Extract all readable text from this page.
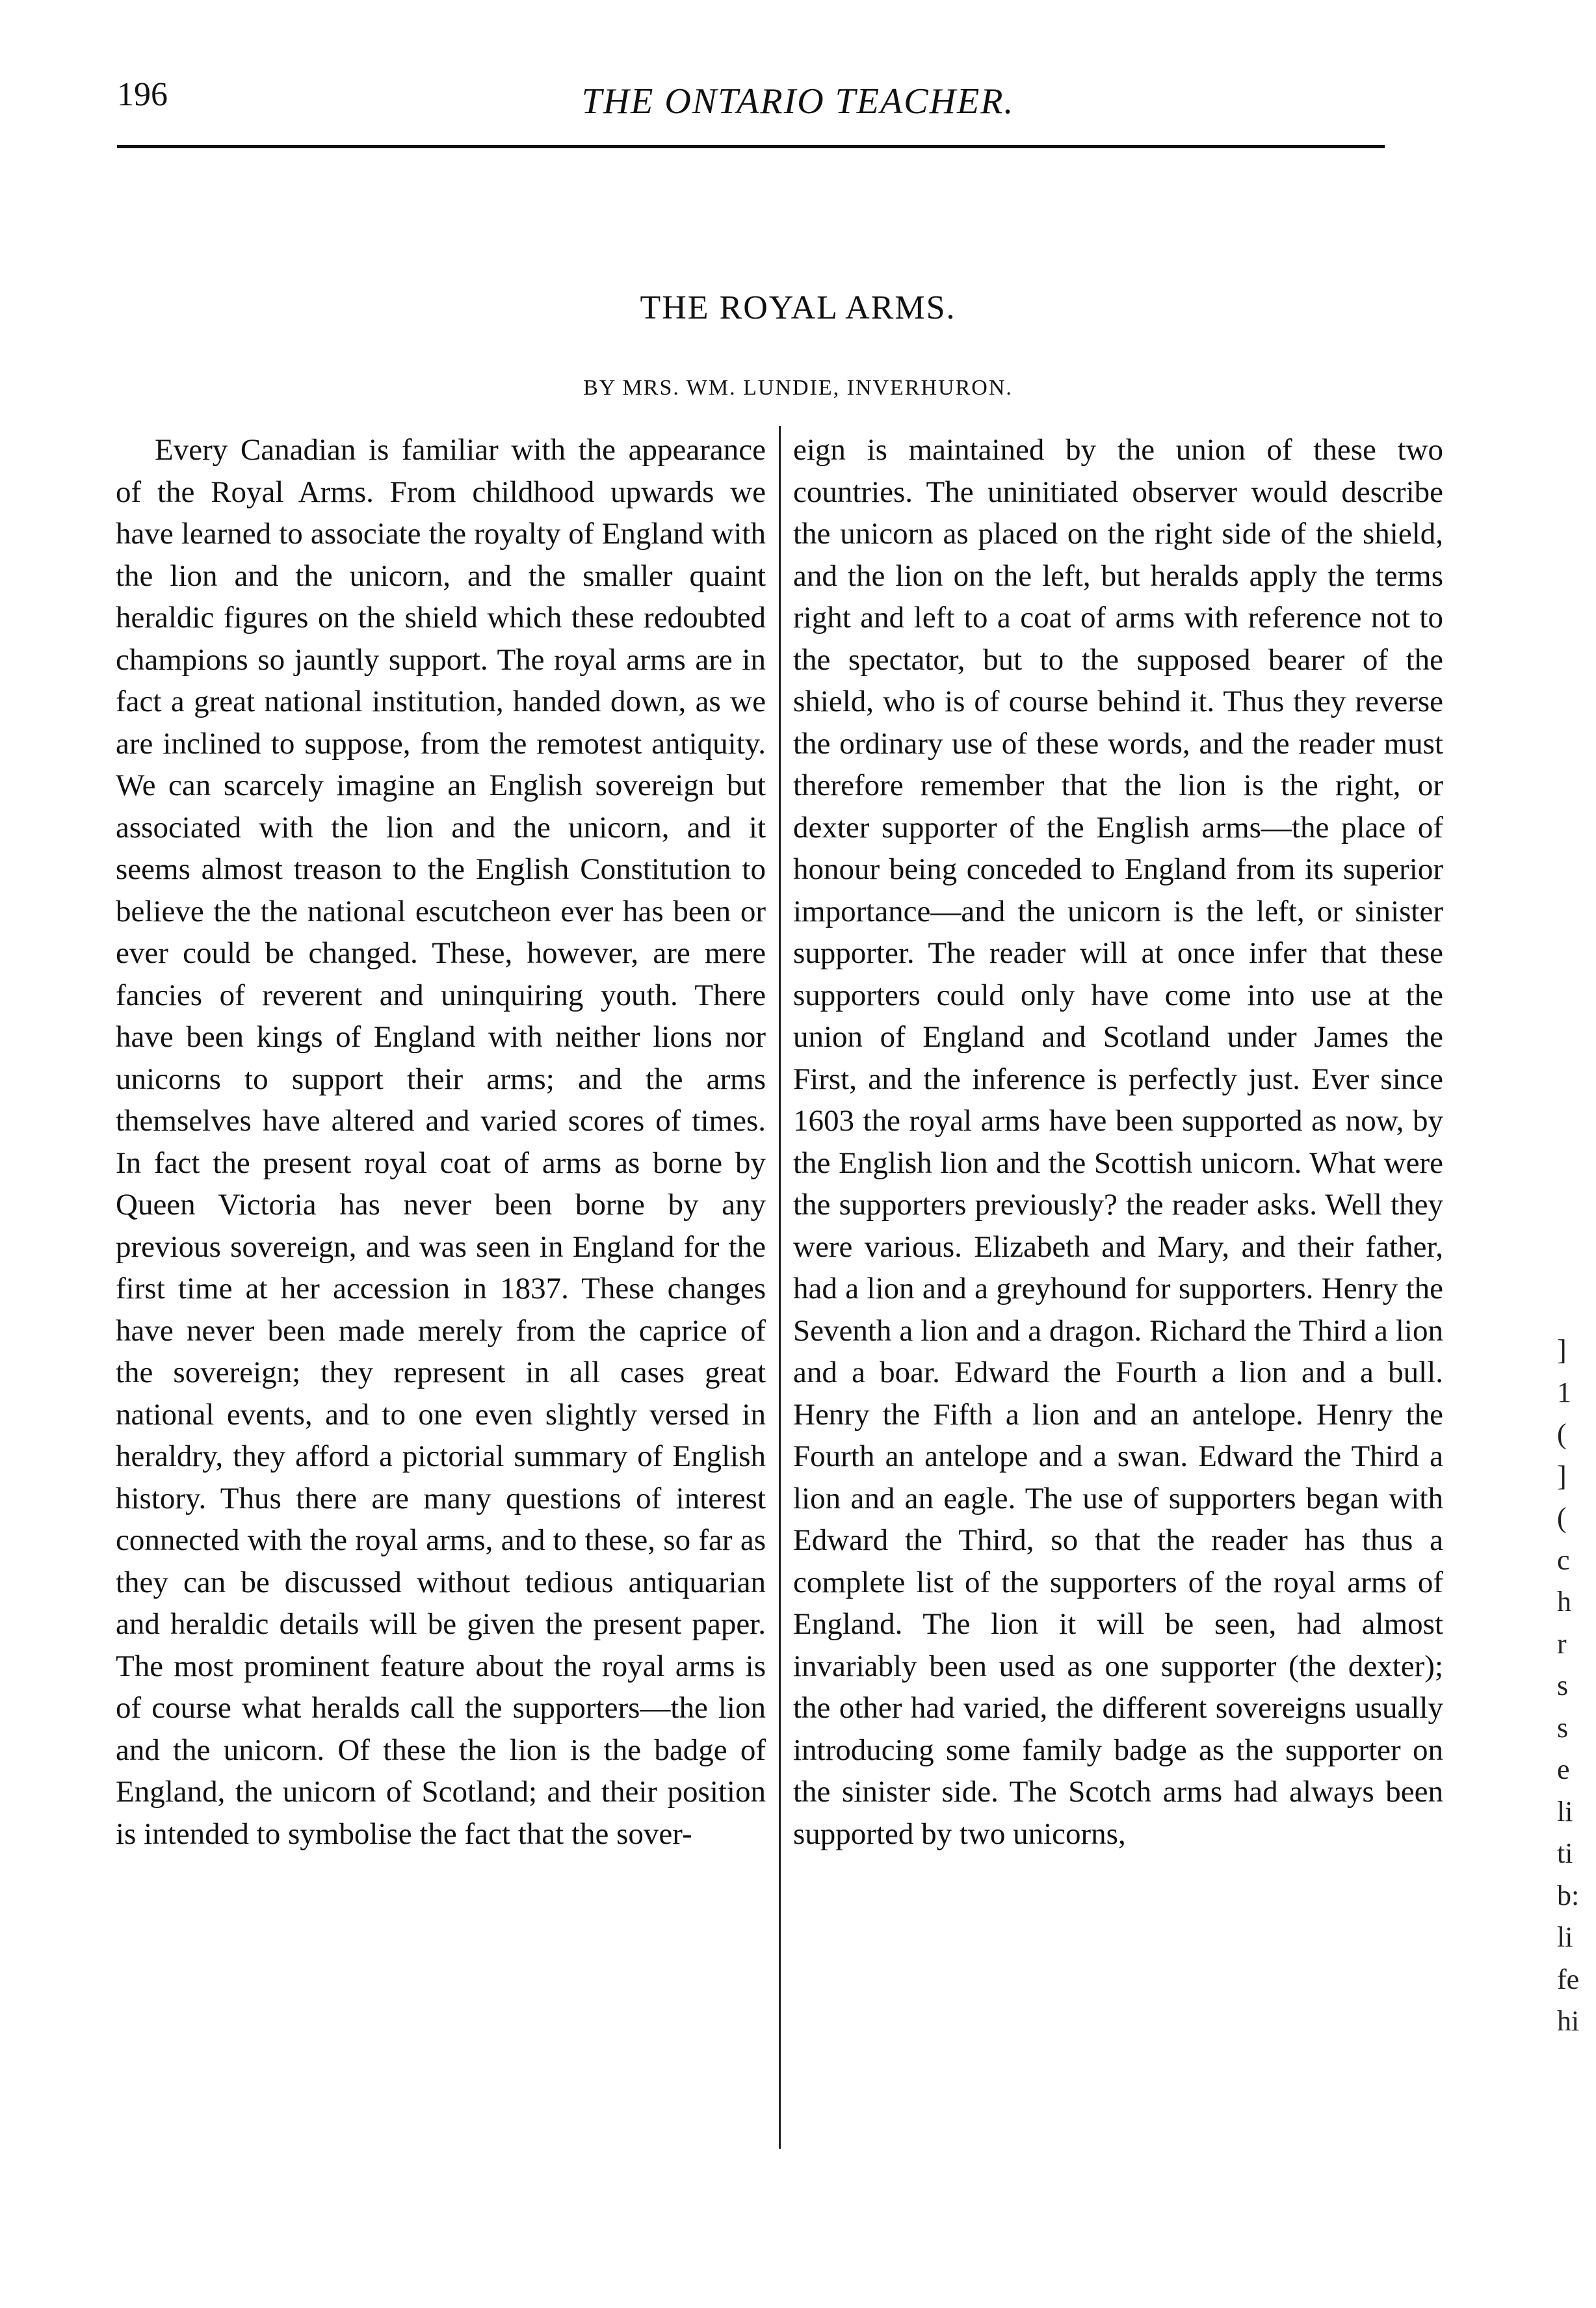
196	THE ONTARIO TEACHER.
THE ROYAL ARMS.
BY MRS. WM. LUNDIE, INVERHURON.

Every Canadian is familiar with the appearance of the Royal Arms. From childhood upwards we have learned to associate the royalty of England with the lion and the unicorn, and the smaller quaint heraldic figures on the shield which these redoubted champions so jauntly support. The royal arms are in fact a great national institution, handed down, as we are inclined to suppose, from the remotest antiquity. We can scarcely imagine an English sovereign but associated with the lion and the unicorn, and it seems almost treason to the English Constitution to believe the the national escutcheon ever has been or ever could be changed. These, however, are mere fancies of reverent and uninquiring youth. There have been kings of England with neither lions nor unicorns to support their arms; and the arms themselves have altered and varied scores of times. In fact the present royal coat of arms as borne by Queen Victoria has never been borne by any previous sovereign, and was seen in England for the first time at her accession in 1837. These changes have never been made merely from the caprice of the sovereign; they represent in all cases great national events, and to one even slightly versed in heraldry, they afford a pictorial summary of English history. Thus there are many questions of interest connected with the royal arms, and to these, so far as they can be discussed without tedious antiquarian and heraldic details will be given the present paper. The most prominent feature about the royal arms is of course what heralds call the supporters—the lion and the unicorn. Of these the lion is the badge of England, the unicorn of Scotland; and their position is intended to symbolise the fact that the sover-

eign is maintained by the union of these two countries. The uninitiated observer would describe the unicorn as placed on the right side of the shield, and the lion on the left, but heralds apply the terms right and left to a coat of arms with reference not to the spectator, but to the supposed bearer of the shield, who is of course behind it. Thus they reverse the ordinary use of these words, and the reader must therefore remember that the lion is the right, or dexter supporter of the English arms—the place of honour being conceded to England from its superior importance—and the unicorn is the left, or sinister supporter. The reader will at once infer that these supporters could only have come into use at the union of England and Scotland under James the First, and the inference is perfectly just. Ever since 1603 the royal arms have been supported as now, by the English lion and the Scottish unicorn. What were the supporters previously? the reader asks. Well they were various. Elizabeth and Mary, and their father, had a lion and a greyhound for supporters. Henry the Seventh a lion and a dragon. Richard the Third a lion and a boar. Edward the Fourth a lion and a bull. Henry the Fifth a lion and an antelope. Henry the Fourth an antelope and a swan. Edward the Third a lion and an eagle. The use of supporters began with Edward the Third, so that the reader has thus a complete list of the supporters of the royal arms of England. The lion it will be seen, had almost invariably been used as one supporter (the dexter); the other had varied, the different sovereigns usually introducing some family badge as the supporter on the sinister side. The Scotch arms had always been supported by two unicorns,

]
1
(
]
(
c
h
r
s
s
e
li
ti
b:
li
fe
hi
